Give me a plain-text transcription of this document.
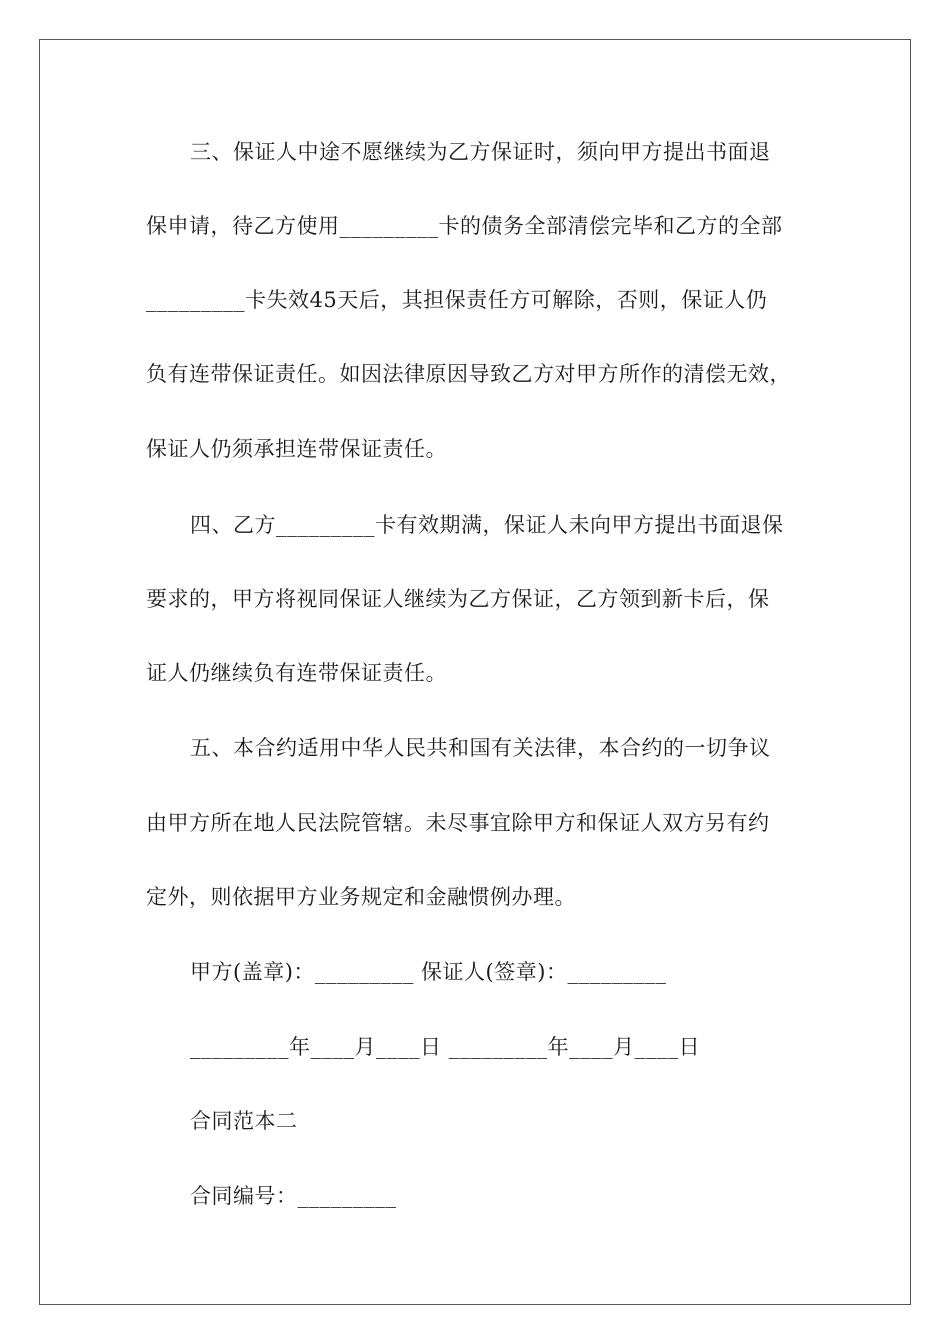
三、保证人中途不愿继续为乙方保证时，须向甲方提出书面退
保申请，待乙方使用_________卡的债务全部清偿完毕和乙方的全部
_________卡失效45天后，其担保责任方可解除，否则，保证人仍
负有连带保证责任。如因法律原因导致乙方对甲方所作的清偿无效，
保证人仍须承担连带保证责任。
四、乙方_________卡有效期满，保证人未向甲方提出书面退保
要求的，甲方将视同保证人继续为乙方保证，乙方领到新卡后，保
证人仍继续负有连带保证责任。
五、本合约适用中华人民共和国有关法律，本合约的一切争议
由甲方所在地人民法院管辖。未尽事宜除甲方和保证人双方另有约
定外，则依据甲方业务规定和金融惯例办理。
甲方(盖章)：_________ 保证人(签章)：_________
_________年____月____日 _________年____月____日
合同范本二
合同编号：_________
